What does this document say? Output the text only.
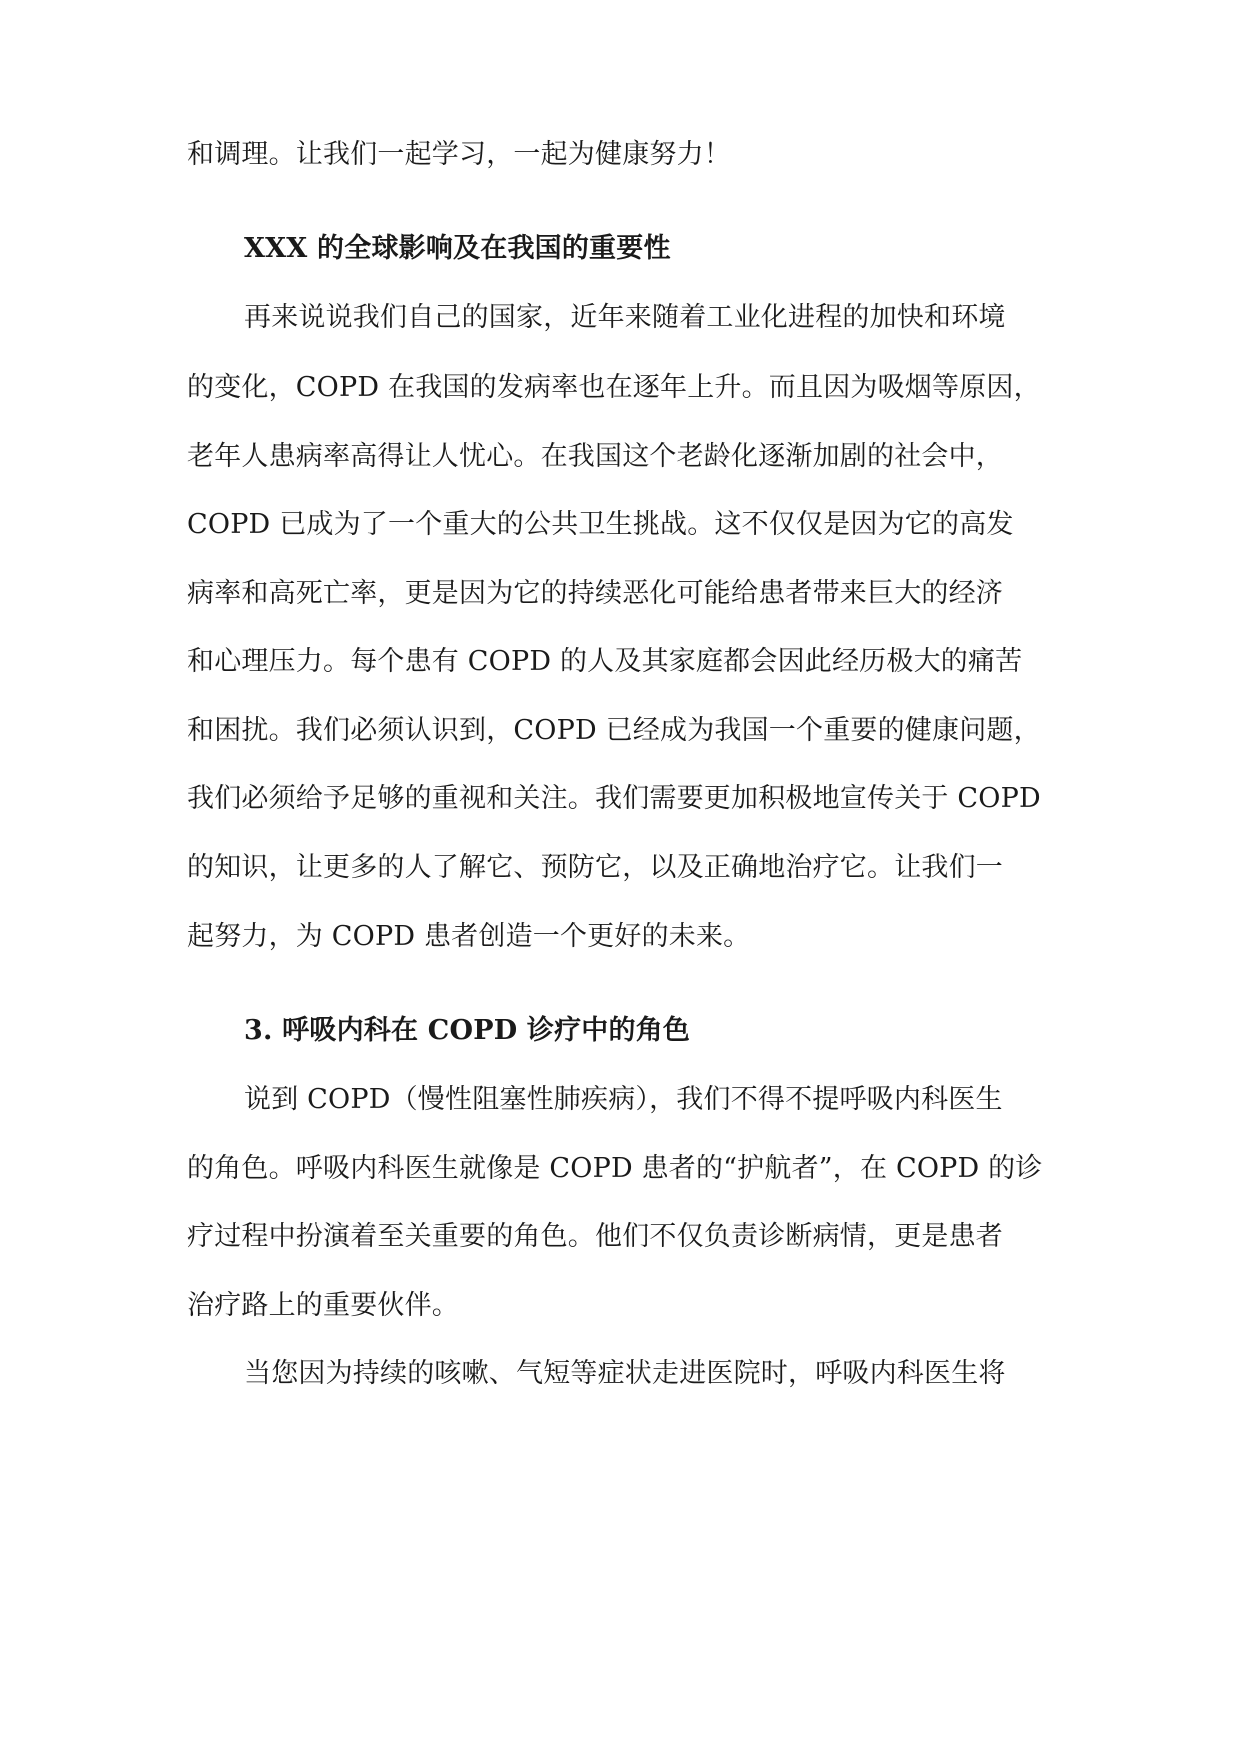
和调理。让我们一起学习，一起为健康努力！
XXX 的全球影响及在我国的重要性
再来说说我们自己的国家，近年来随着工业化进程的加快和环境
的变化，COPD 在我国的发病率也在逐年上升。而且因为吸烟等原因，
老年人患病率高得让人忧心。在我国这个老龄化逐渐加剧的社会中，
COPD 已成为了一个重大的公共卫生挑战。这不仅仅是因为它的高发
病率和高死亡率，更是因为它的持续恶化可能给患者带来巨大的经济
和心理压力。每个患有 COPD 的人及其家庭都会因此经历极大的痛苦
和困扰。我们必须认识到，COPD 已经成为我国一个重要的健康问题，
我们必须给予足够的重视和关注。我们需要更加积极地宣传关于 COPD
的知识，让更多的人了解它、预防它，以及正确地治疗它。让我们一
起努力，为 COPD 患者创造一个更好的未来。
3. 呼吸内科在 COPD 诊疗中的角色
说到 COPD（慢性阻塞性肺疾病），我们不得不提呼吸内科医生
的角色。呼吸内科医生就像是 COPD 患者的“护航者”，在 COPD 的诊
疗过程中扮演着至关重要的角色。他们不仅负责诊断病情，更是患者
治疗路上的重要伙伴。
当您因为持续的咳嗽、气短等症状走进医院时，呼吸内科医生将
